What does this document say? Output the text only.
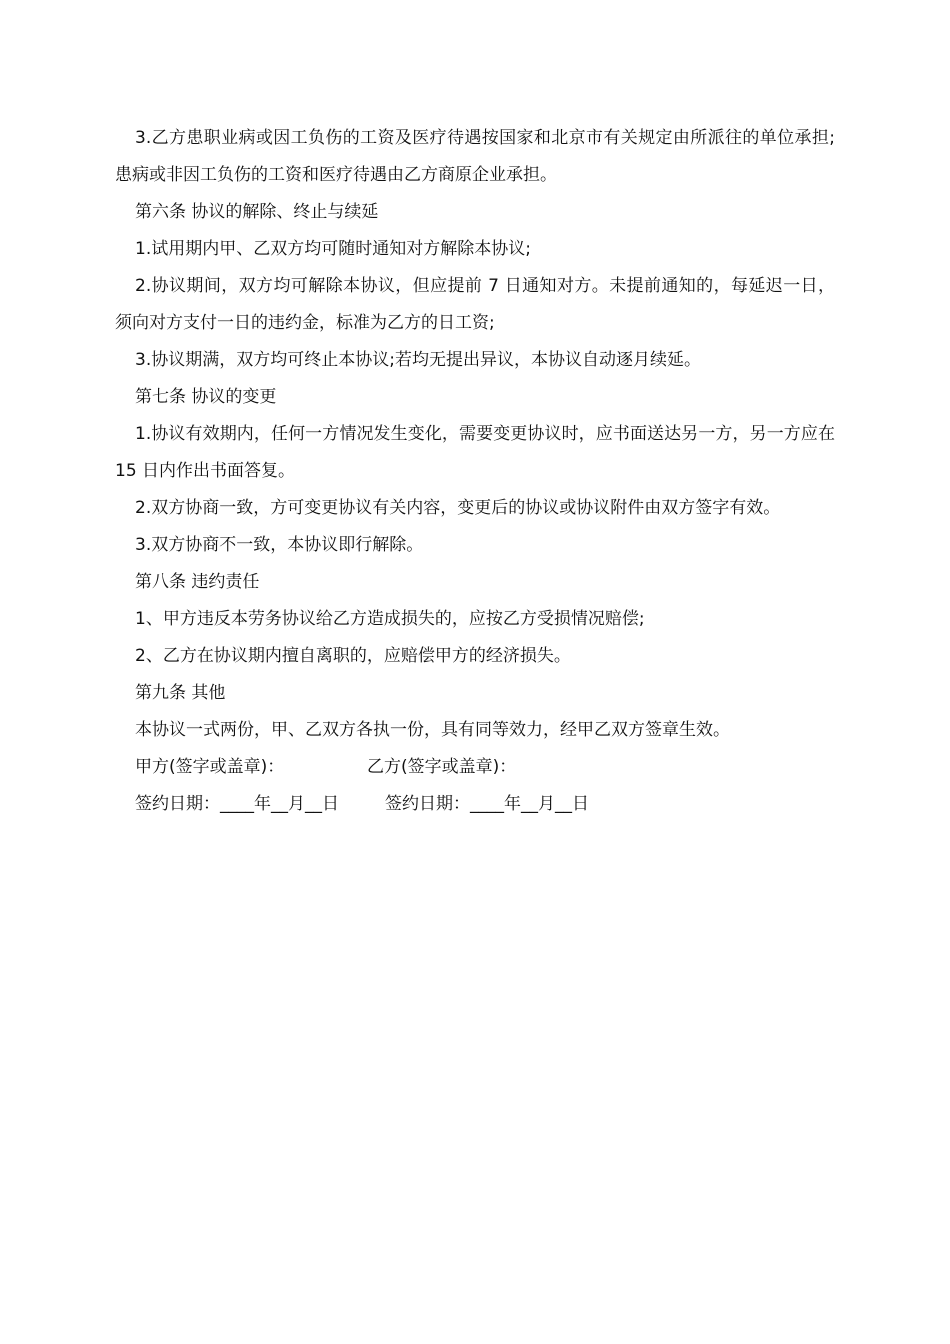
3.乙方患职业病或因工负伤的工资及医疗待遇按国家和北京市有关规定由所派往的单位承担;患病或非因工负伤的工资和医疗待遇由乙方商原企业承担。

第六条 协议的解除、终止与续延

1.试用期内甲、乙双方均可随时通知对方解除本协议;

2.协议期间，双方均可解除本协议，但应提前 7 日通知对方。未提前通知的，每延迟一日，须向对方支付一日的违约金，标准为乙方的日工资;

3.协议期满，双方均可终止本协议;若均无提出异议，本协议自动逐月续延。

第七条 协议的变更

1.协议有效期内，任何一方情况发生变化，需要变更协议时，应书面送达另一方，另一方应在 15 日内作出书面答复。

2.双方协商一致，方可变更协议有关内容，变更后的协议或协议附件由双方签字有效。

3.双方协商不一致，本协议即行解除。

第八条 违约责任

1、甲方违反本劳务协议给乙方造成损失的，应按乙方受损情况赔偿;

2、乙方在协议期内擅自离职的，应赔偿甲方的经济损失。

第九条 其他

本协议一式两份，甲、乙双方各执一份，具有同等效力，经甲乙双方签章生效。

甲方(签字或盖章)：	乙方(签字或盖章)：
签约日期：____年__月__日	签约日期：____年__月__日
